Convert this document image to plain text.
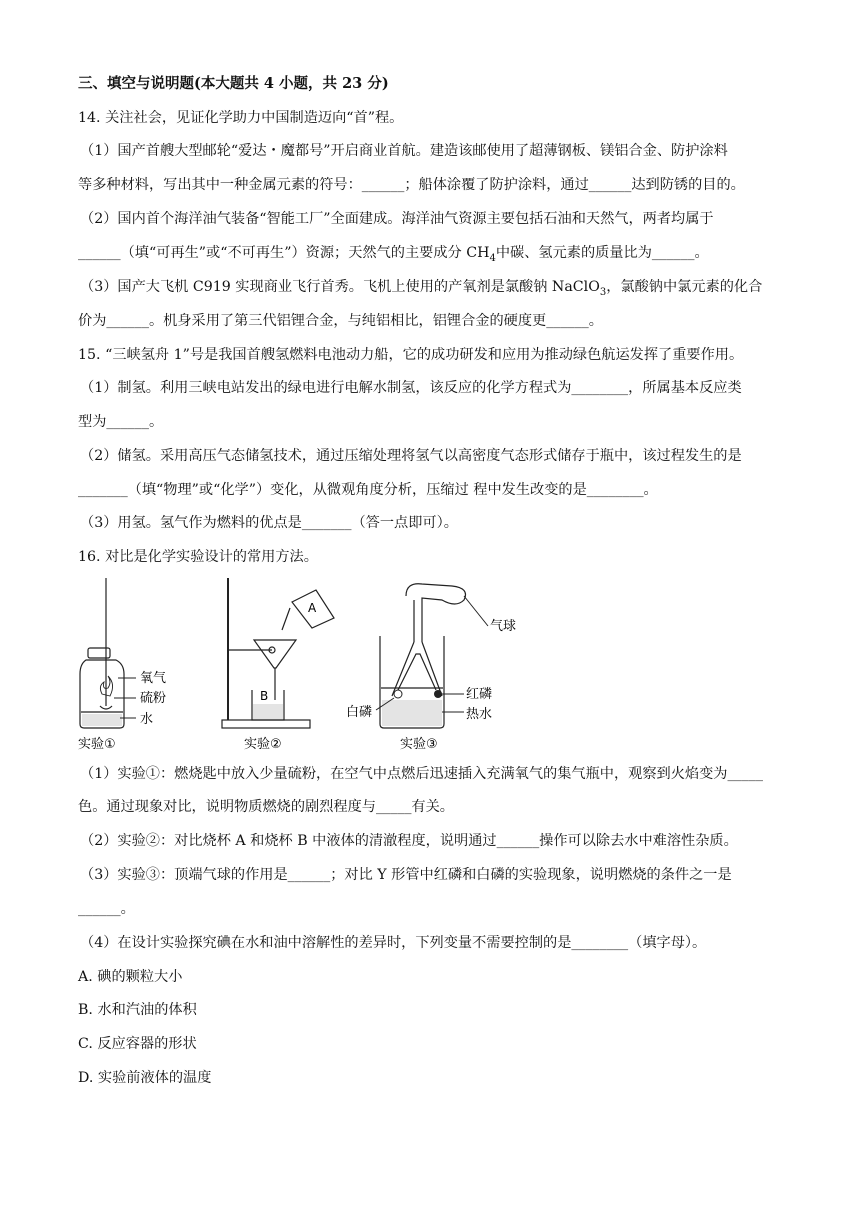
三、填空与说明题(本大题共 4 小题，共 23 分)
14. 关注社会，见证化学助力中国制造迈向“首”程。
（1）国产首艘大型邮轮“爱达・魔都号”开启商业首航。建造该邮使用了超薄钢板、镁铝合金、防护涂料
等多种材料，写出其中一种金属元素的符号：______；船体涂覆了防护涂料，通过______达到防锈的目的。
（2）国内首个海洋油气装备“智能工厂”全面建成。海洋油气资源主要包括石油和天然气，两者均属于
______（填“可再生”或“不可再生”）资源；天然气的主要成分 $CH_4$中碳、氢元素的质量比为______。
（3）国产大飞机 C919 实现商业飞行首秀。飞机上使用的产氧剂是氯酸钠 NaClO$_3$，氯酸钠中氯元素的化合
价为______。机身采用了第三代铝锂合金，与纯铝相比，铝锂合金的硬度更______。
15. “三峡氢舟 1”号是我国首艘氢燃料电池动力船，它的成功研发和应用为推动绿色航运发挥了重要作用。
（1）制氢。利用三峡电站发出的绿电进行电解水制氢，该反应的化学方程式为________，所属基本反应类
型为______。
（2）储氢。采用高压气态储氢技术，通过压缩处理将氢气以高密度气态形式储存于瓶中，该过程发生的是
_______（填“物理”或“化学”）变化，从微观角度分析，压缩过 程中发生改变的是________。
（3）用氢。氢气作为燃料的优点是_______（答一点即可）。
16. 对比是化学实验设计的常用方法。
氧气
硫粉
水
实验①
A
B
实验②
气球
红磷
白磷	热水
实验③
（1）实验①：燃烧匙中放入少量硫粉，在空气中点燃后迅速插入充满氧气的集气瓶中，观察到火焰变为_____
色。通过现象对比，说明物质燃烧的剧烈程度与_____有关。
（2）实验②：对比烧杯 A 和烧杯 B 中液体的清澈程度，说明通过______操作可以除去水中难溶性杂质。
（3）实验③：顶端气球的作用是______；对比 Y 形管中红磷和白磷的实验现象，说明燃烧的条件之一是
______。
（4）在设计实验探究碘在水和油中溶解性的差异时，下列变量不需要控制的是________（填字母）。
A. 碘的颗粒大小
B. 水和汽油的体积
C. 反应容器的形状
D. 实验前液体的温度
